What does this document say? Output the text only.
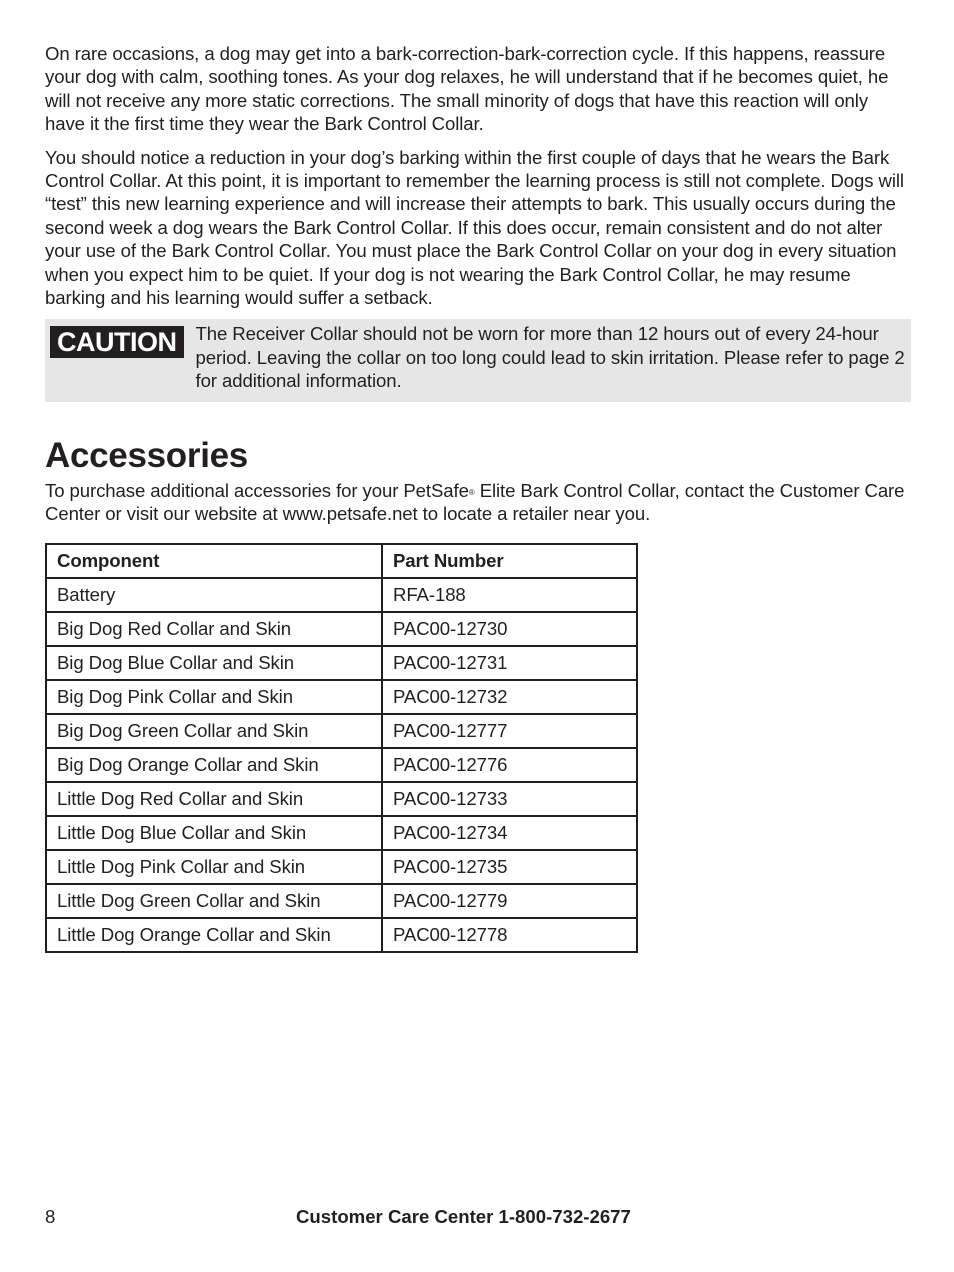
On rare occasions, a dog may get into a bark-correction-bark-correction cycle. If this happens, reassure your dog with calm, soothing tones. As your dog relaxes, he will understand that if he becomes quiet, he will not receive any more static corrections. The small minority of dogs that have this reaction will only have it the first time they wear the Bark Control Collar.

You should notice a reduction in your dog’s barking within the first couple of days that he wears the Bark Control Collar. At this point, it is important to remember the learning process is still not complete. Dogs will “test” this new learning experience and will increase their attempts to bark. This usually occurs during the second week a dog wears the Bark Control Collar. If this does occur, remain consistent and do not alter your use of the Bark Control Collar. You must place the Bark Control Collar on your dog in every situation when you expect him to be quiet. If your dog is not wearing the Bark Control Collar, he may resume barking and his learning would suffer a setback.

CAUTION	The Receiver Collar should not be worn for more than 12 hours out of every 24-hour period. Leaving the collar on too long could lead to skin irritation. Please refer to page 2 for additional information.
Accessories

To purchase additional accessories for your PetSafe® Elite Bark Control Collar, contact the Customer Care Center or visit our website at www.petsafe.net to locate a retailer near you.

Component	Part Number
Battery	RFA-188
Big Dog Red Collar and Skin	PAC00-12730
Big Dog Blue Collar and Skin	PAC00-12731
Big Dog Pink Collar and Skin	PAC00-12732
Big Dog Green Collar and Skin	PAC00-12777
Big Dog Orange Collar and Skin	PAC00-12776
Little Dog Red Collar and Skin	PAC00-12733
Little Dog Blue Collar and Skin	PAC00-12734
Little Dog Pink Collar and Skin	PAC00-12735
Little Dog Green Collar and Skin	PAC00-12779
Little Dog Orange Collar and Skin	PAC00-12778
8	Customer Care Center 1-800-732-2677
